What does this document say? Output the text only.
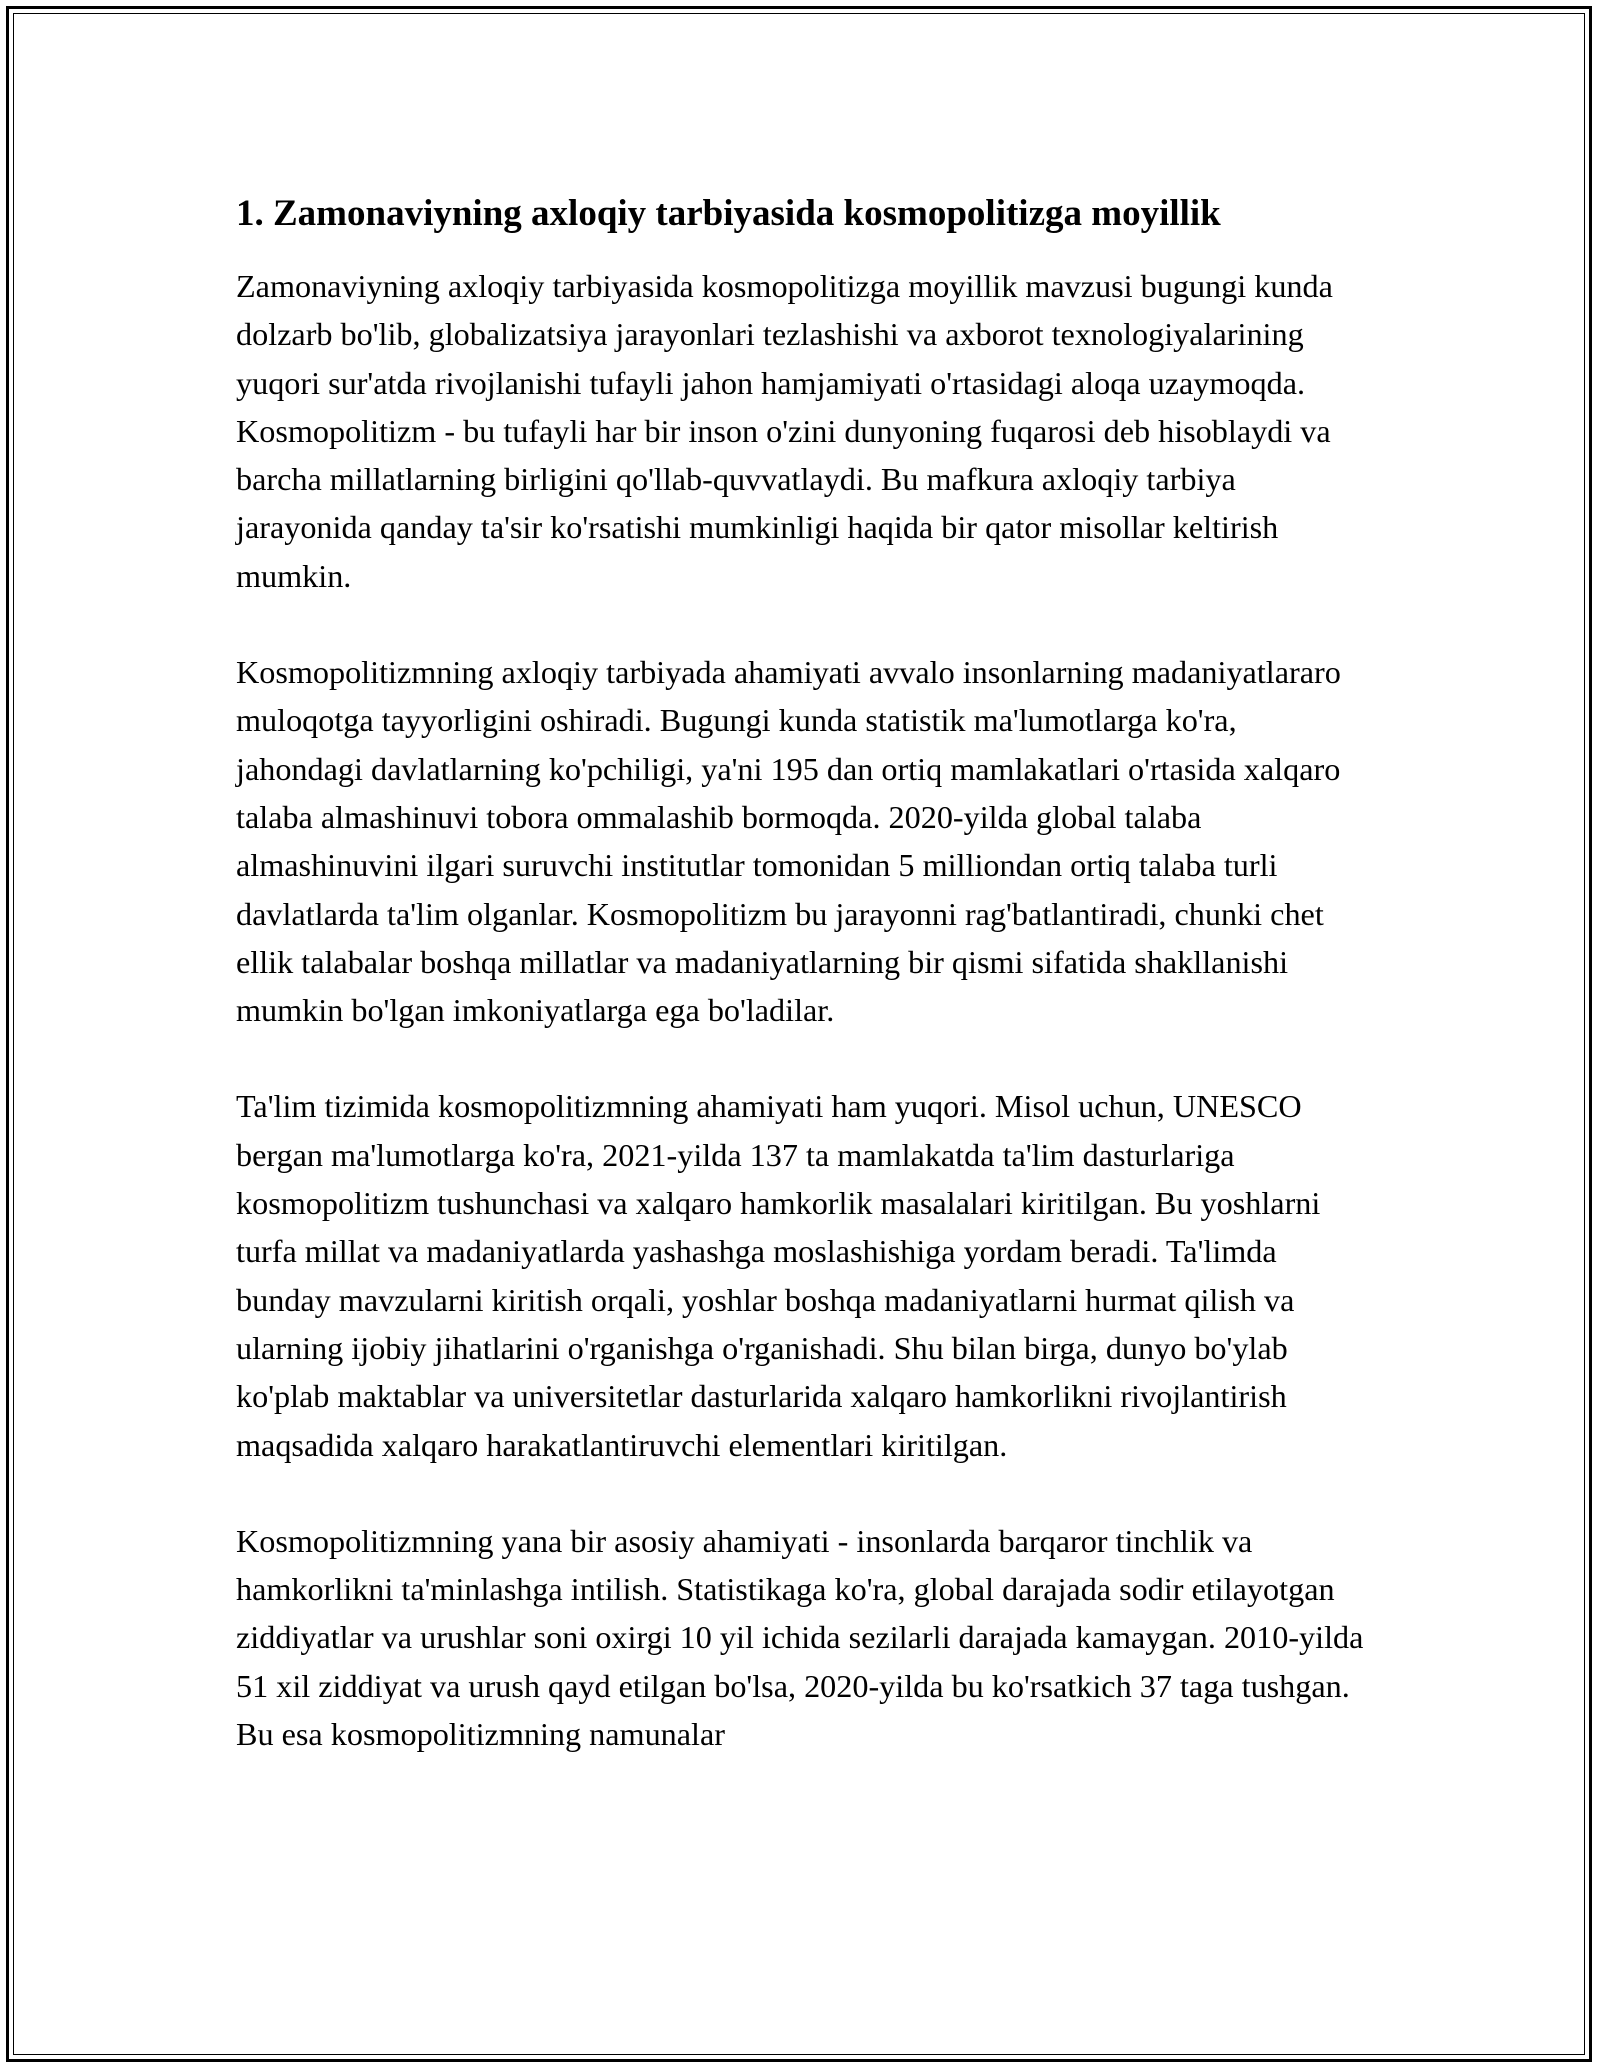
1. Zamonaviyning axloqiy tarbiyasida kosmopolitizga moyillik

Zamonaviyning axloqiy tarbiyasida kosmopolitizga moyillik mavzusi bugungi kunda dolzarb bo'lib, globalizatsiya jarayonlari tezlashishi va axborot texnologiyalarining yuqori sur'atda rivojlanishi tufayli jahon hamjamiyati o'rtasidagi aloqa uzaymoqda. Kosmopolitizm - bu tufayli har bir inson o'zini dunyoning fuqarosi deb hisoblaydi va barcha millatlarning birligini qo'llab-quvvatlaydi. Bu mafkura axloqiy tarbiya jarayonida qanday ta'sir ko'rsatishi mumkinligi haqida bir qator misollar keltirish mumkin.

Kosmopolitizmning axloqiy tarbiyada ahamiyati avvalo insonlarning madaniyatlararo muloqotga tayyorligini oshiradi. Bugungi kunda statistik ma'lumotlarga ko'ra, jahondagi davlatlarning ko'pchiligi, ya'ni 195 dan ortiq mamlakatlari o'rtasida xalqaro talaba almashinuvi tobora ommalashib bormoqda. 2020-yilda global talaba almashinuvini ilgari suruvchi institutlar tomonidan 5 milliondan ortiq talaba turli davlatlarda ta'lim olganlar. Kosmopolitizm bu jarayonni rag'batlantiradi, chunki chet ellik talabalar boshqa millatlar va madaniyatlarning bir qismi sifatida shakllanishi mumkin bo'lgan imkoniyatlarga ega bo'ladilar.

Ta'lim tizimida kosmopolitizmning ahamiyati ham yuqori. Misol uchun, UNESCO bergan ma'lumotlarga ko'ra, 2021-yilda 137 ta mamlakatda ta'lim dasturlariga kosmopolitizm tushunchasi va xalqaro hamkorlik masalalari kiritilgan. Bu yoshlarni turfa millat va madaniyatlarda yashashga moslashishiga yordam beradi. Ta'limda bunday mavzularni kiritish orqali, yoshlar boshqa madaniyatlarni hurmat qilish va ularning ijobiy jihatlarini o'rganishga o'rganishadi. Shu bilan birga, dunyo bo'ylab ko'plab maktablar va universitetlar dasturlarida xalqaro hamkorlikni rivojlantirish maqsadida xalqaro harakatlantiruvchi elementlari kiritilgan.

Kosmopolitizmning yana bir asosiy ahamiyati - insonlarda barqaror tinchlik va hamkorlikni ta'minlashga intilish. Statistikaga ko'ra, global darajada sodir etilayotgan ziddiyatlar va urushlar soni oxirgi 10 yil ichida sezilarli darajada kamaygan. 2010-yilda 51 xil ziddiyat va urush qayd etilgan bo'lsa, 2020-yilda bu ko'rsatkich 37 taga tushgan. Bu esa kosmopolitizmning namunalar
